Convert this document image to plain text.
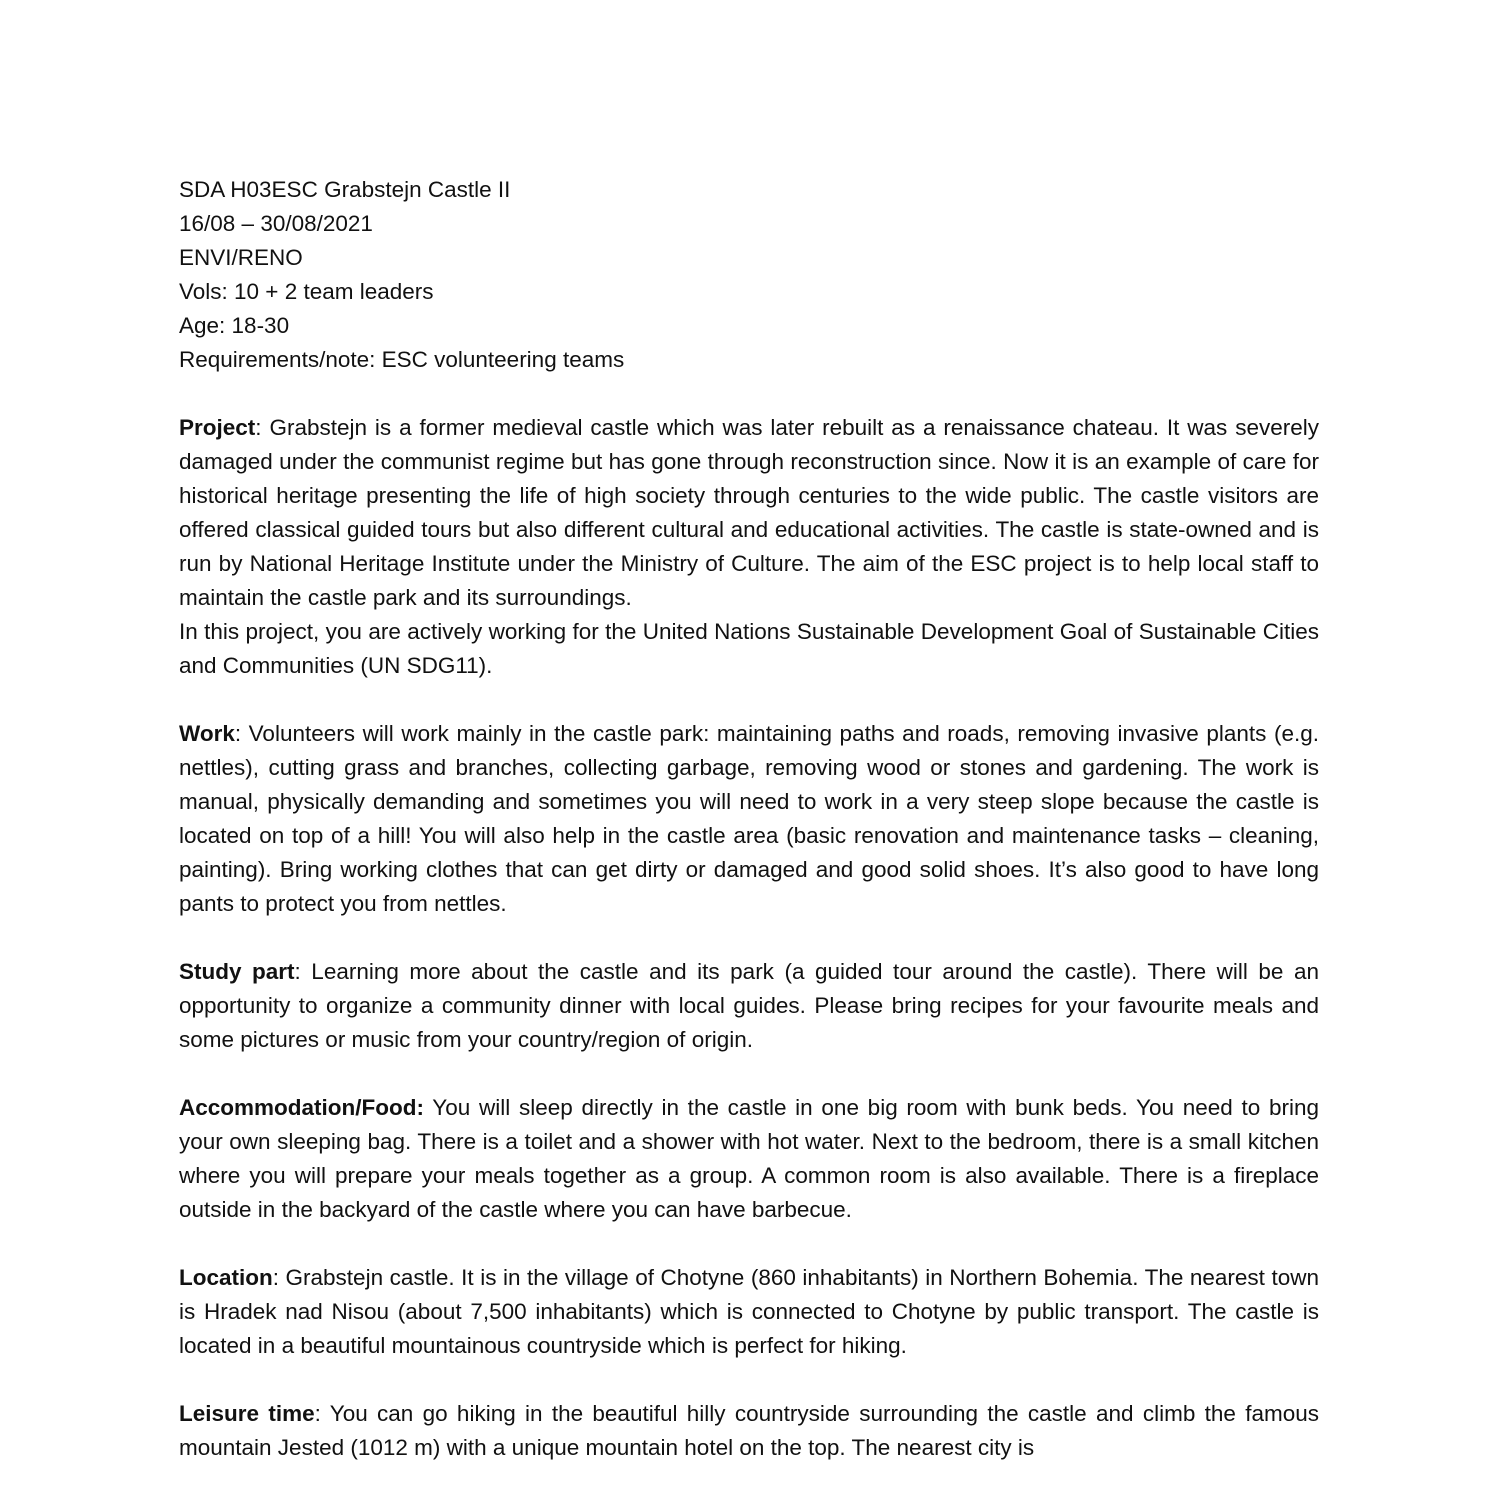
SDA H03ESC Grabstejn Castle II
16/08 – 30/08/2021
ENVI/RENO
Vols: 10 + 2 team leaders
Age: 18-30
Requirements/note: ESC volunteering teams

Project: Grabstejn is a former medieval castle which was later rebuilt as a renaissance chateau. It was severely damaged under the communist regime but has gone through reconstruction since. Now it is an example of care for historical heritage presenting the life of high society through centuries to the wide public. The castle visitors are offered classical guided tours but also different cultural and educational activities. The castle is state-owned and is run by National Heritage Institute under the Ministry of Culture. The aim of the ESC project is to help local staff to maintain the castle park and its surroundings.

In this project, you are actively working for the United Nations Sustainable Development Goal of Sustainable Cities and Communities (UN SDG11).

Work: Volunteers will work mainly in the castle park: maintaining paths and roads, removing invasive plants (e.g. nettles), cutting grass and branches, collecting garbage, removing wood or stones and gardening. The work is manual, physically demanding and sometimes you will need to work in a very steep slope because the castle is located on top of a hill! You will also help in the castle area (basic renovation and maintenance tasks – cleaning, painting). Bring working clothes that can get dirty or damaged and good solid shoes. It’s also good to have long pants to protect you from nettles.

Study part: Learning more about the castle and its park (a guided tour around the castle). There will be an opportunity to organize a community dinner with local guides. Please bring recipes for your favourite meals and some pictures or music from your country/region of origin.

Accommodation/Food: You will sleep directly in the castle in one big room with bunk beds. You need to bring your own sleeping bag. There is a toilet and a shower with hot water. Next to the bedroom, there is a small kitchen where you will prepare your meals together as a group. A common room is also available. There is a fireplace outside in the backyard of the castle where you can have barbecue.

Location: Grabstejn castle. It is in the village of Chotyne (860 inhabitants) in Northern Bohemia. The nearest town is Hradek nad Nisou (about 7,500 inhabitants) which is connected to Chotyne by public transport. The castle is located in a beautiful mountainous countryside which is perfect for hiking.

Leisure time: You can go hiking in the beautiful hilly countryside surrounding the castle and climb the famous mountain Jested (1012 m) with a unique mountain hotel on the top. The nearest city is
